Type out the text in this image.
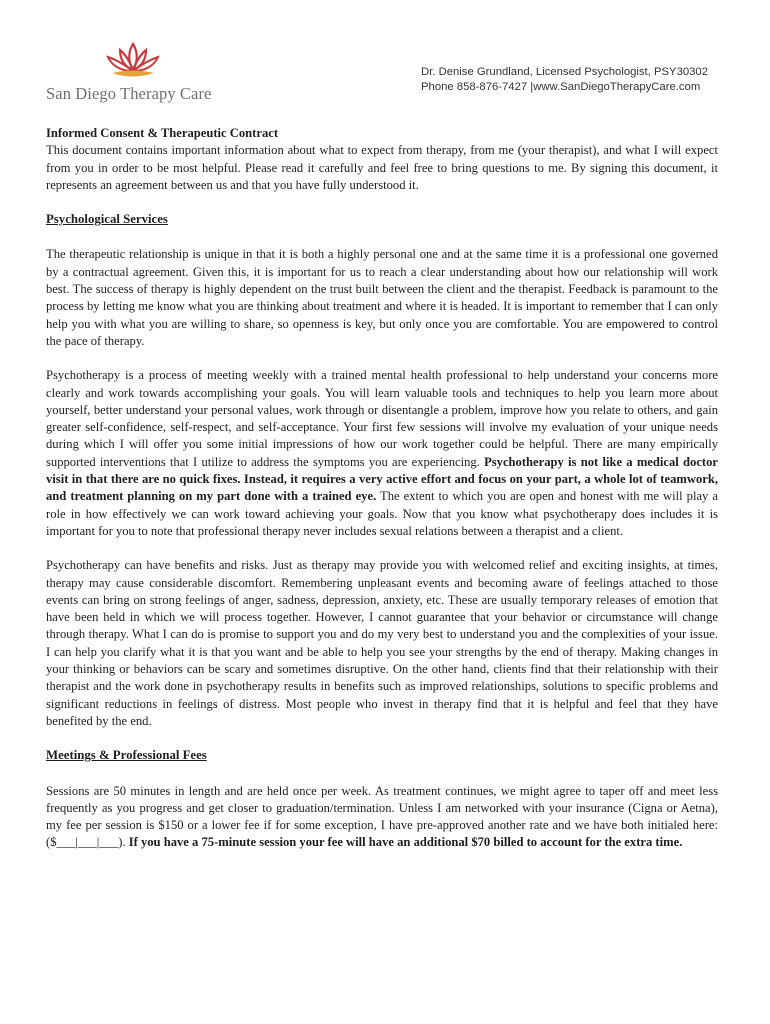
San Diego Therapy Care
Dr. Denise Grundland, Licensed Psychologist, PSY30302
Phone 858-876-7427 |www.SanDiegoTherapyCare.com

Informed Consent & Therapeutic Contract

This document contains important information about what to expect from therapy, from me (your therapist), and what I will expect from you in order to be most helpful. Please read it carefully and feel free to bring questions to me. By signing this document, it represents an agreement between us and that you have fully understood it.

Psychological Services

The therapeutic relationship is unique in that it is both a highly personal one and at the same time it is a professional one governed by a contractual agreement. Given this, it is important for us to reach a clear understanding about how our relationship will work best. The success of therapy is highly dependent on the trust built between the client and the therapist. Feedback is paramount to the process by letting me know what you are thinking about treatment and where it is headed. It is important to remember that I can only help you with what you are willing to share, so openness is key, but only once you are comfortable. You are empowered to control the pace of therapy.

Psychotherapy is a process of meeting weekly with a trained mental health professional to help understand your concerns more clearly and work towards accomplishing your goals. You will learn valuable tools and techniques to help you learn more about yourself, better understand your personal values, work through or disentangle a problem, improve how you relate to others, and gain greater self-confidence, self-respect, and self-acceptance. Your first few sessions will involve my evaluation of your unique needs during which I will offer you some initial impressions of how our work together could be helpful. There are many empirically supported interventions that I utilize to address the symptoms you are experiencing. Psychotherapy is not like a medical doctor visit in that there are no quick fixes. Instead, it requires a very active effort and focus on your part, a whole lot of teamwork, and treatment planning on my part done with a trained eye. The extent to which you are open and honest with me will play a role in how effectively we can work toward achieving your goals. Now that you know what psychotherapy does includes it is important for you to note that professional therapy never includes sexual relations between a therapist and a client.

Psychotherapy can have benefits and risks. Just as therapy may provide you with welcomed relief and exciting insights, at times, therapy may cause considerable discomfort. Remembering unpleasant events and becoming aware of feelings attached to those events can bring on strong feelings of anger, sadness, depression, anxiety, etc. These are usually temporary releases of emotion that have been held in which we will process together. However, I cannot guarantee that your behavior or circumstance will change through therapy. What I can do is promise to support you and do my very best to understand you and the complexities of your issue. I can help you clarify what it is that you want and be able to help you see your strengths by the end of therapy. Making changes in your thinking or behaviors can be scary and sometimes disruptive. On the other hand, clients find that their relationship with their therapist and the work done in psychotherapy results in benefits such as improved relationships, solutions to specific problems and significant reductions in feelings of distress. Most people who invest in therapy find that it is helpful and feel that they have benefited by the end.

Meetings & Professional Fees

Sessions are 50 minutes in length and are held once per week. As treatment continues, we might agree to taper off and meet less frequently as you progress and get closer to graduation/termination. Unless I am networked with your insurance (Cigna or Aetna), my fee per session is $150 or a lower fee if for some exception, I have pre-approved another rate and we have both initialed here: ($___|___|___). If you have a 75-minute session your fee will have an additional $70 billed to account for the extra time.
